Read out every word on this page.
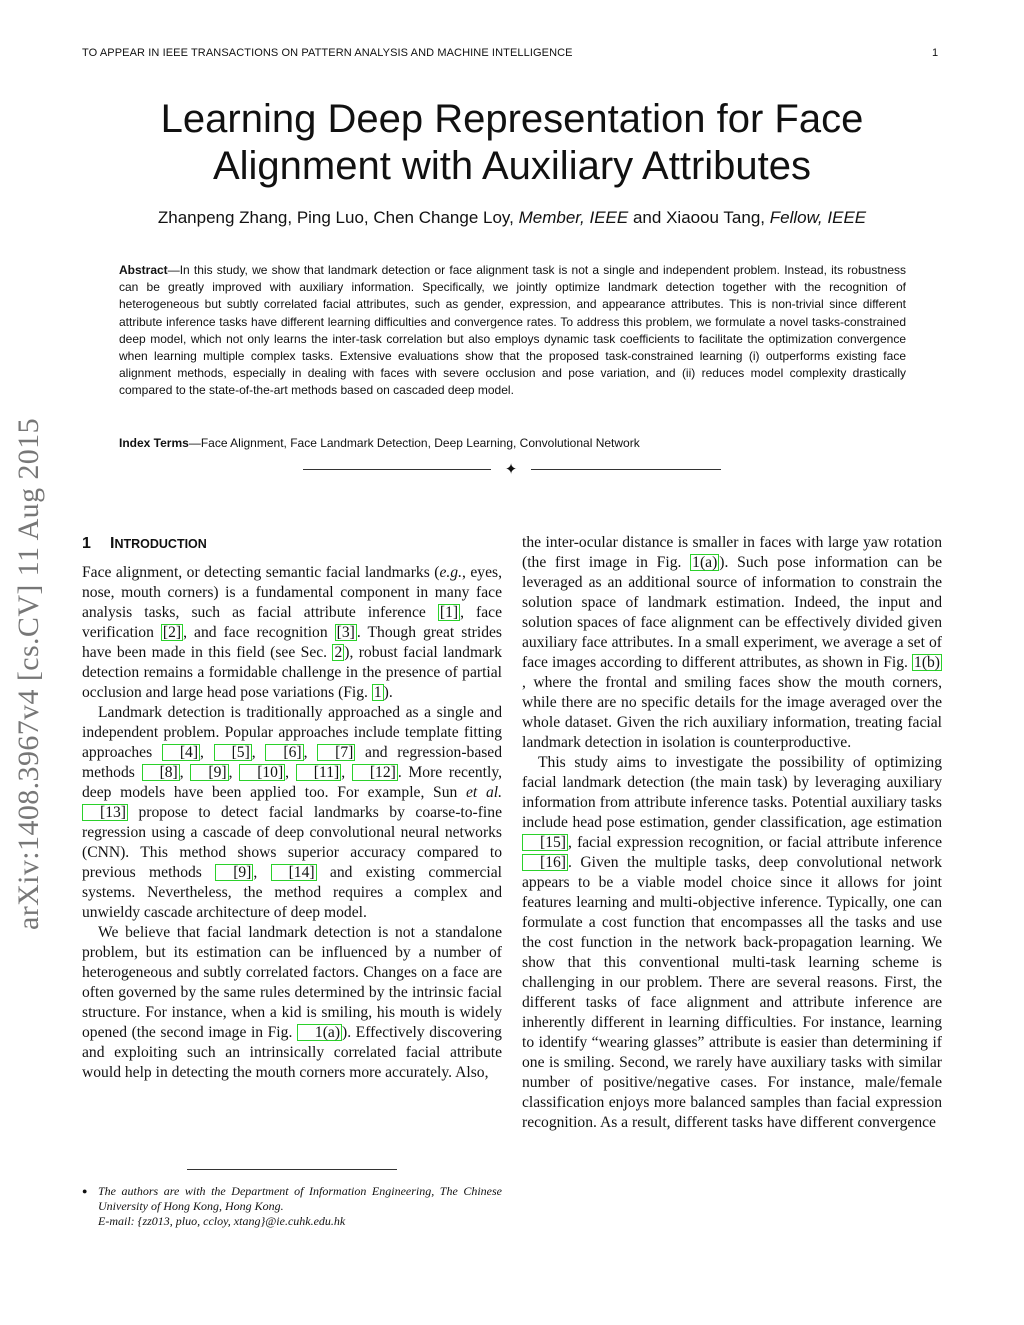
TO APPEAR IN IEEE TRANSACTIONS ON PATTERN ANALYSIS AND MACHINE INTELLIGENCE	1
Learning Deep Representation for Face
Alignment with Auxiliary Attributes
Zhanpeng Zhang, Ping Luo, Chen Change Loy, Member, IEEE and Xiaoou Tang, Fellow, IEEE

Abstract—In this study, we show that landmark detection or face alignment task is not a single and independent problem. Instead, its robustness can be greatly improved with auxiliary information. Specifically, we jointly optimize landmark detection together with the recognition of heterogeneous but subtly correlated facial attributes, such as gender, expression, and appearance attributes. This is non-trivial since different attribute inference tasks have different learning difficulties and convergence rates. To address this problem, we formulate a novel tasks-constrained deep model, which not only learns the inter-task correlation but also employs dynamic task coefficients to facilitate the optimization convergence when learning multiple complex tasks. Extensive evaluations show that the proposed task-constrained learning (i) outperforms existing face alignment methods, especially in dealing with faces with severe occlusion and pose variation, and (ii) reduces model complexity drastically compared to the state-of-the-art methods based on cascaded deep model.

Index Terms—Face Alignment, Face Landmark Detection, Deep Learning, Convolutional Network
✦
arXiv:1408.3967v4 [cs.CV] 11 Aug 2015 1 INTRODUCTION

Face alignment, or detecting semantic facial landmarks (e.g., eyes, nose, mouth corners) is a fundamental component in many face analysis tasks, such as facial attribute inference [1] , face verification [2] , and face recognition [3] . Though great strides have been made in this field (see Sec. 2 ), robust facial landmark detection remains a formidable challenge in the presence of partial occlusion and large head pose variations (Fig. 1 ).

Landmark detection is traditionally approached as a single and independent problem. Popular approaches include template fitting approaches [4] , [5] , [6] , [7] and regression-based methods [8] , [9] , [10] , [11] , [12] . More recently, deep models have been applied too. For example, Sun et al. [13] propose to detect facial landmarks by coarse-to-fine regression using a cascade of deep convolutional neural networks (CNN). This method shows superior accuracy compared to previous methods [9] , [14] and existing commercial systems. Nevertheless, the method requires a complex and unwieldy cascade architecture of deep model.

We believe that facial landmark detection is not a standalone problem, but its estimation can be influenced by a number of heterogeneous and subtly correlated factors. Changes on a face are often governed by the same rules determined by the intrinsic facial structure. For instance, when a kid is smiling, his mouth is widely opened (the second image in Fig. 1(a) ). Effectively discovering and exploiting such an intrinsically correlated facial attribute would help in detecting the mouth corners more accurately. Also,

the inter-ocular distance is smaller in faces with large yaw rotation (the first image in Fig. 1(a) ). Such pose information can be leveraged as an additional source of information to constrain the solution space of landmark estimation. Indeed, the input and solution spaces of face alignment can be effectively divided given auxiliary face attributes. In a small experiment, we average a set of face images according to different attributes, as shown in Fig. 1(b), where the frontal and smiling faces show the mouth corners, while there are no specific details for the image averaged over the whole dataset. Given the rich auxiliary information, treating facial landmark detection in isolation is counterproductive.

This study aims to investigate the possibility of optimizing facial landmark detection (the main task) by leveraging auxiliary information from attribute inference tasks. Potential auxiliary tasks include head pose estimation, gender classification, age estimation [15] , facial expression recognition, or facial attribute inference [16] . Given the multiple tasks, deep convolutional network appears to be a viable model choice since it allows for joint features learning and multi-objective inference. Typically, one can formulate a cost function that encompasses all the tasks and use the cost function in the network back-propagation learning. We show that this conventional multi-task learning scheme is challenging in our problem. There are several reasons. First, the different tasks of face alignment and attribute inference are inherently different in learning difficulties. For instance, learning to identify “wearing glasses” attribute is easier than determining if one is smiling. Second, we rarely have auxiliary tasks with similar number of positive/negative cases. For instance, male/female classification enjoys more balanced samples than facial expression recognition. As a result, different tasks have different convergence

● The authors are with the Department of Information Engineering, The Chinese University of Hong Kong, Hong Kong.
E-mail: {zz013, pluo, ccloy, xtang}@ie.cuhk.edu.hk
